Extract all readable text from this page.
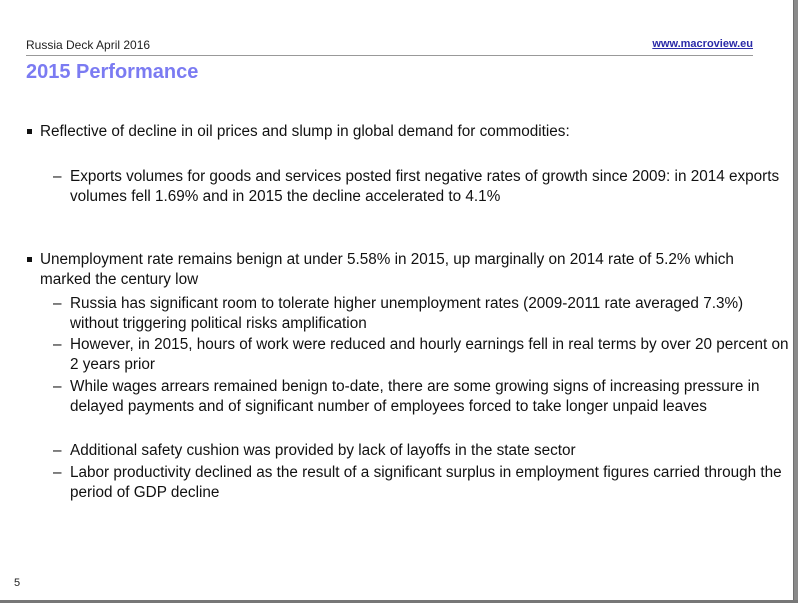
Russia Deck April 2016	www.macroview.eu
2015 Performance
Reflective of decline in oil prices and slump in global demand for commodities:
– Exports volumes for goods and services posted first negative rates of growth since 2009: in 2014 exports volumes fell 1.69% and in 2015 the decline accelerated to 4.1%
Unemployment rate remains benign at under 5.58% in 2015, up marginally on 2014 rate of 5.2% which marked the century low
– Russia has significant room to tolerate higher unemployment rates (2009-2011 rate averaged 7.3%) without triggering political risks amplification
– However, in 2015, hours of work were reduced and hourly earnings fell in real terms by over 20 percent on 2 years prior
– While wages arrears remained benign to-date, there are some growing signs of increasing pressure in delayed payments and of significant number of employees forced to take longer unpaid leaves
– Additional safety cushion was provided by lack of layoffs in the state sector
– Labor productivity declined as the result of a significant surplus in employment figures carried through the period of GDP decline
5
